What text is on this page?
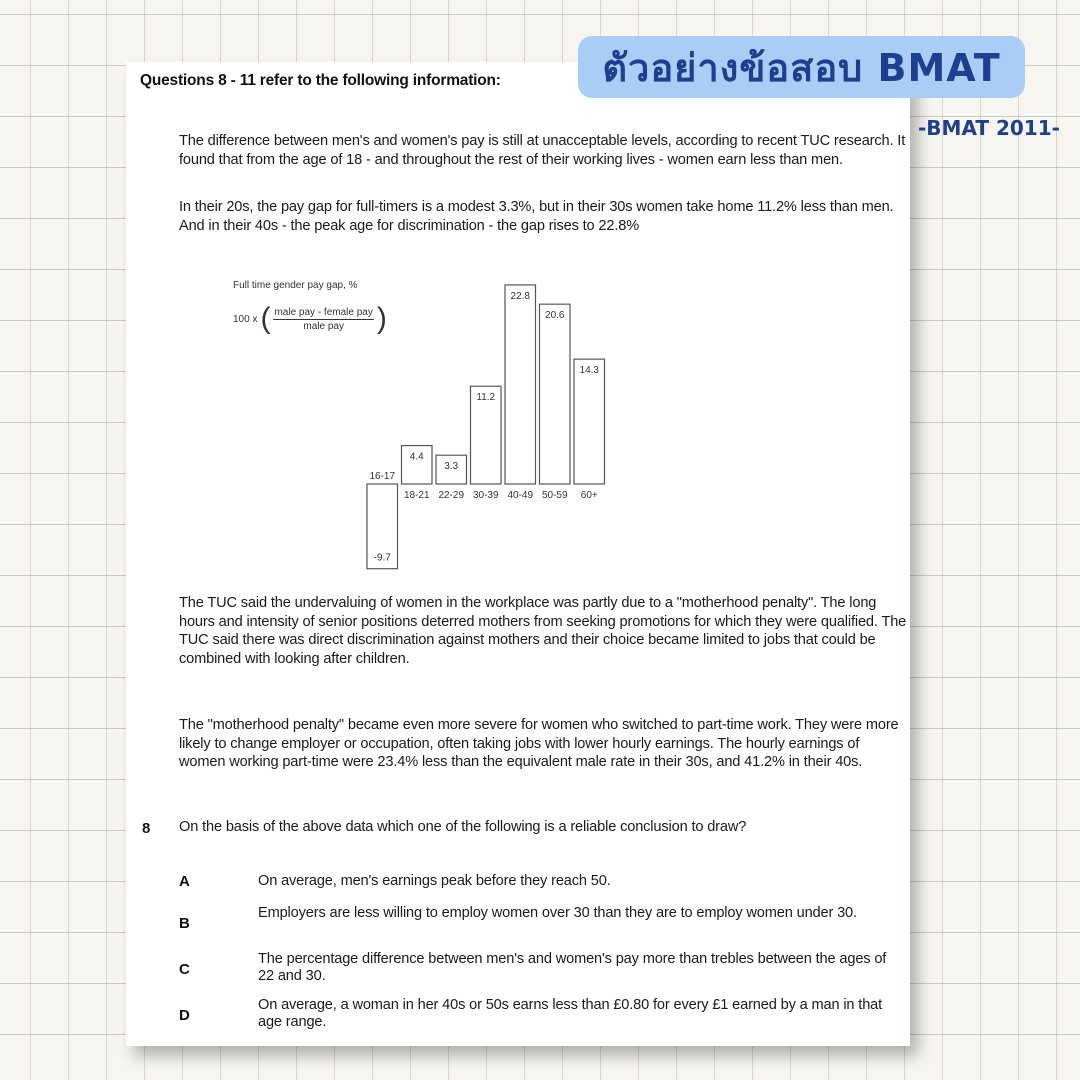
ตัวอย่างข้อสอบ BMAT
-BMAT 2011-
Questions 8 - 11 refer to the following information:
The difference between men's and women's pay is still at unacceptable levels, according to recent TUC research. It found that from the age of 18 - and throughout the rest of their working lives - women earn less than men.
In their 20s, the pay gap for full-timers is a modest 3.3%, but in their 30s women take home 11.2% less than men. And in their 40s - the peak age for discrimination - the gap rises to 22.8%
Full time gender pay gap, %
100 x ( $\frac{\text{male pay - female pay}}{\text{male pay}}$ )
-9.7
16-17
4.4
18-21
3.3
22-29
11.2
30-39
22.8
40-49
20.6
50-59
14.3
60+
The TUC said the undervaluing of women in the workplace was partly due to a "motherhood penalty". The long hours and intensity of senior positions deterred mothers from seeking promotions for which they were qualified. The TUC said there was direct discrimination against mothers and their choice became limited to jobs that could be combined with looking after children.
The "motherhood penalty" became even more severe for women who switched to part-time work. They were more likely to change employer or occupation, often taking jobs with lower hourly earnings. The hourly earnings of women working part-time were 23.4% less than the equivalent male rate in their 30s, and 41.2% in their 40s.
8 On the basis of the above data which one of the following is a reliable conclusion to draw?
A	On average, men's earnings peak before they reach 50.
B
Employers are less willing to employ women over 30 than they are to employ women under 30.
C
The percentage difference between men's and women's pay more than trebles between the ages of 22 and 30.
D
On average, a woman in her 40s or 50s earns less than £0.80 for every £1 earned by a man in that age range.
